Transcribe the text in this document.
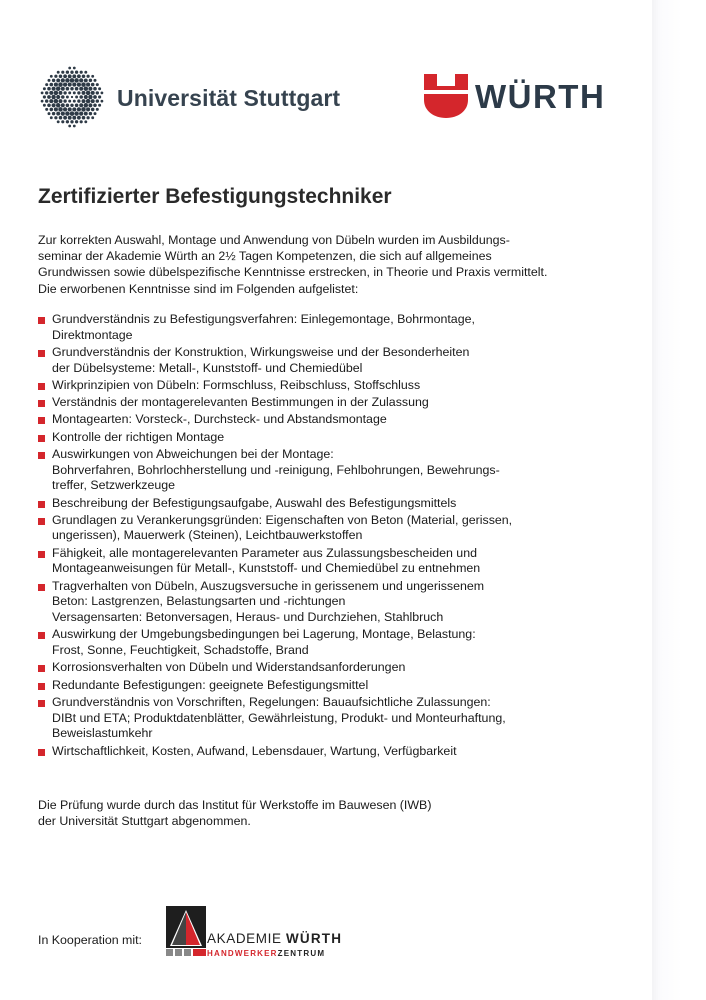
Universität Stuttgart	WÜRTH
Zertifizierter Befestigungstechniker
Zur korrekten Auswahl, Montage und Anwendung von Dübeln wurden im Ausbildungs-
seminar der Akademie Würth an 2½ Tagen Kompetenzen, die sich auf allgemeines
Grundwissen sowie dübelspezifische Kenntnisse erstrecken, in Theorie und Praxis vermittelt.
Die erworbenen Kenntnisse sind im Folgenden aufgelistet:
Grundverständnis zu Befestigungsverfahren: Einlegemontage, Bohrmontage,
Direktmontage
Grundverständnis der Konstruktion, Wirkungsweise und der Besonderheiten
der Dübelsysteme: Metall-, Kunststoff- und Chemiedübel
Wirkprinzipien von Dübeln: Formschluss, Reibschluss, Stoffschluss
Verständnis der montagerelevanten Bestimmungen in der Zulassung
Montagearten: Vorsteck-, Durchsteck- und Abstandsmontage
Kontrolle der richtigen Montage
Auswirkungen von Abweichungen bei der Montage:
Bohrverfahren, Bohrlochherstellung und -reinigung, Fehlbohrungen, Bewehrungs-
treffer, Setzwerkzeuge
Beschreibung der Befestigungsaufgabe, Auswahl des Befestigungsmittels
Grundlagen zu Verankerungsgründen: Eigenschaften von Beton (Material, gerissen,
ungerissen), Mauerwerk (Steinen), Leichtbauwerkstoffen
Fähigkeit, alle montagerelevanten Parameter aus Zulassungsbescheiden und
Montageanweisungen für Metall-, Kunststoff- und Chemiedübel zu entnehmen
Tragverhalten von Dübeln, Auszugsversuche in gerissenem und ungerissenem
Beton: Lastgrenzen, Belastungsarten und -richtungen
Versagensarten: Betonversagen, Heraus- und Durchziehen, Stahlbruch
Auswirkung der Umgebungsbedingungen bei Lagerung, Montage, Belastung:
Frost, Sonne, Feuchtigkeit, Schadstoffe, Brand
Korrosionsverhalten von Dübeln und Widerstandsanforderungen
Redundante Befestigungen: geeignete Befestigungsmittel
Grundverständnis von Vorschriften, Regelungen: Bauaufsichtliche Zulassungen:
DIBt und ETA; Produktdatenblätter, Gewährleistung, Produkt- und Monteurhaftung,
Beweislastumkehr
Wirtschaftlichkeit, Kosten, Aufwand, Lebensdauer, Wartung, Verfügbarkeit
Die Prüfung wurde durch das Institut für Werkstoffe im Bauwesen (IWB)
der Universität Stuttgart abgenommen.
In Kooperation mit:	AKADEMIE WÜRTH
HANDWERKERZENTRUM
